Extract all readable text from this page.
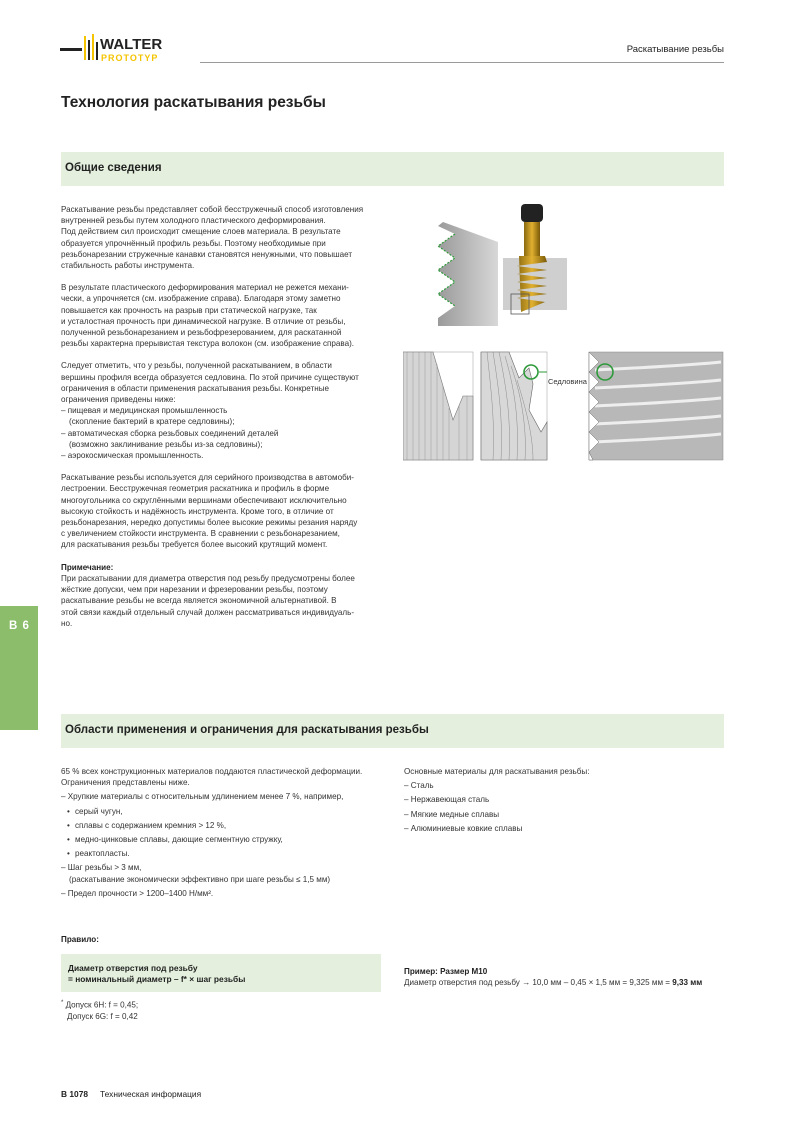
WALTER
PROTOTYP
Раскатывание резьбы
Технология раскатывания резьбы
Общие сведения

Раскатывание резьбы представляет собой бесстружечный способ изготовления
внутренней резьбы путем холодного пластического деформирования.
Под действием сил происходит смещение слоев материала. В результате
образуется упрочнённый профиль резьбы. Поэтому необходимые при
резьбонарезании стружечные канавки становятся ненужными, что повышает
стабильность работы инструмента.

В результате пластического деформирования материал не режется механи-
чески, а упрочняется (см. изображение справа). Благодаря этому заметно
повышается как прочность на разрыв при статической нагрузке, так
и усталостная прочность при динамической нагрузке. В отличие от резьбы,
полученной резьбонарезанием и резьбофрезерованием, для раскатанной
резьбы характерна прерывистая текстура волокон (см. изображение справа).

Следует отметить, что у резьбы, полученной раскатыванием, в области
вершины профиля всегда образуется седловина. По этой причине существуют
ограничения в области применения раскатывания резьбы. Конкретные
ограничения приведены ниже:

– пищевая и медицинская промышленность
(скопление бактерий в кратере седловины);
– автоматическая сборка резьбовых соединений деталей
(возможно заклинивание резьбы из-за седловины);
– аэрокосмическая промышленность.

Раскатывание резьбы используется для серийного производства в автомоби-
лестроении. Бесстружечная геометрия раскатника и профиль в форме
многоугольника со скруглёнными вершинами обеспечивают исключительно
высокую стойкость и надёжность инструмента. Кроме того, в отличие от
резьбонарезания, нередко допустимы более высокие режимы резания наряду
с увеличением стойкости инструмента. В сравнении с резьбонарезанием,
для раскатывания резьбы требуется более высокий крутящий момент.

Примечание:
При раскатывании для диаметра отверстия под резьбу предусмотрены более
жёсткие допуски, чем при нарезании и фрезеровании резьбы, поэтому
раскатывание резьбы не всегда является экономичной альтернативой. В
этой связи каждый отдельный случай должен рассматриваться индивидуаль-
но.
Седловина
B 6
Области применения и ограничения для раскатывания резьбы
65 % всех конструкционных материалов поддаются пластической деформации.
Ограничения представлены ниже.
– Хрупкие материалы с относительным удлинением менее 7 %, например,
• серый чугун,
• сплавы с содержанием кремния > 12 %,
• медно-цинковые сплавы, дающие сегментную стружку,
• реактопласты.
– Шаг резьбы > 3 мм,
(раскатывание экономически эффективно при шаге резьбы ≤ 1,5 мм)
– Предел прочности > 1200–1400 Н/мм².
Основные материалы для раскатывания резьбы:
– Сталь
– Нержавеющая сталь
– Мягкие медные сплавы
– Алюминиевые ковкие сплавы
Правило:
Диаметр отверстия под резьбу
= номинальный диаметр – f* × шаг резьбы
* Допуск 6H: f = 0,45;
Допуск 6G: f = 0,42
Пример: Размер M10
Диаметр отверстия под резьбу → 10,0 мм – 0,45 × 1,5 мм = 9,325 мм = 9,33 мм
B 1078 Техническая информация
